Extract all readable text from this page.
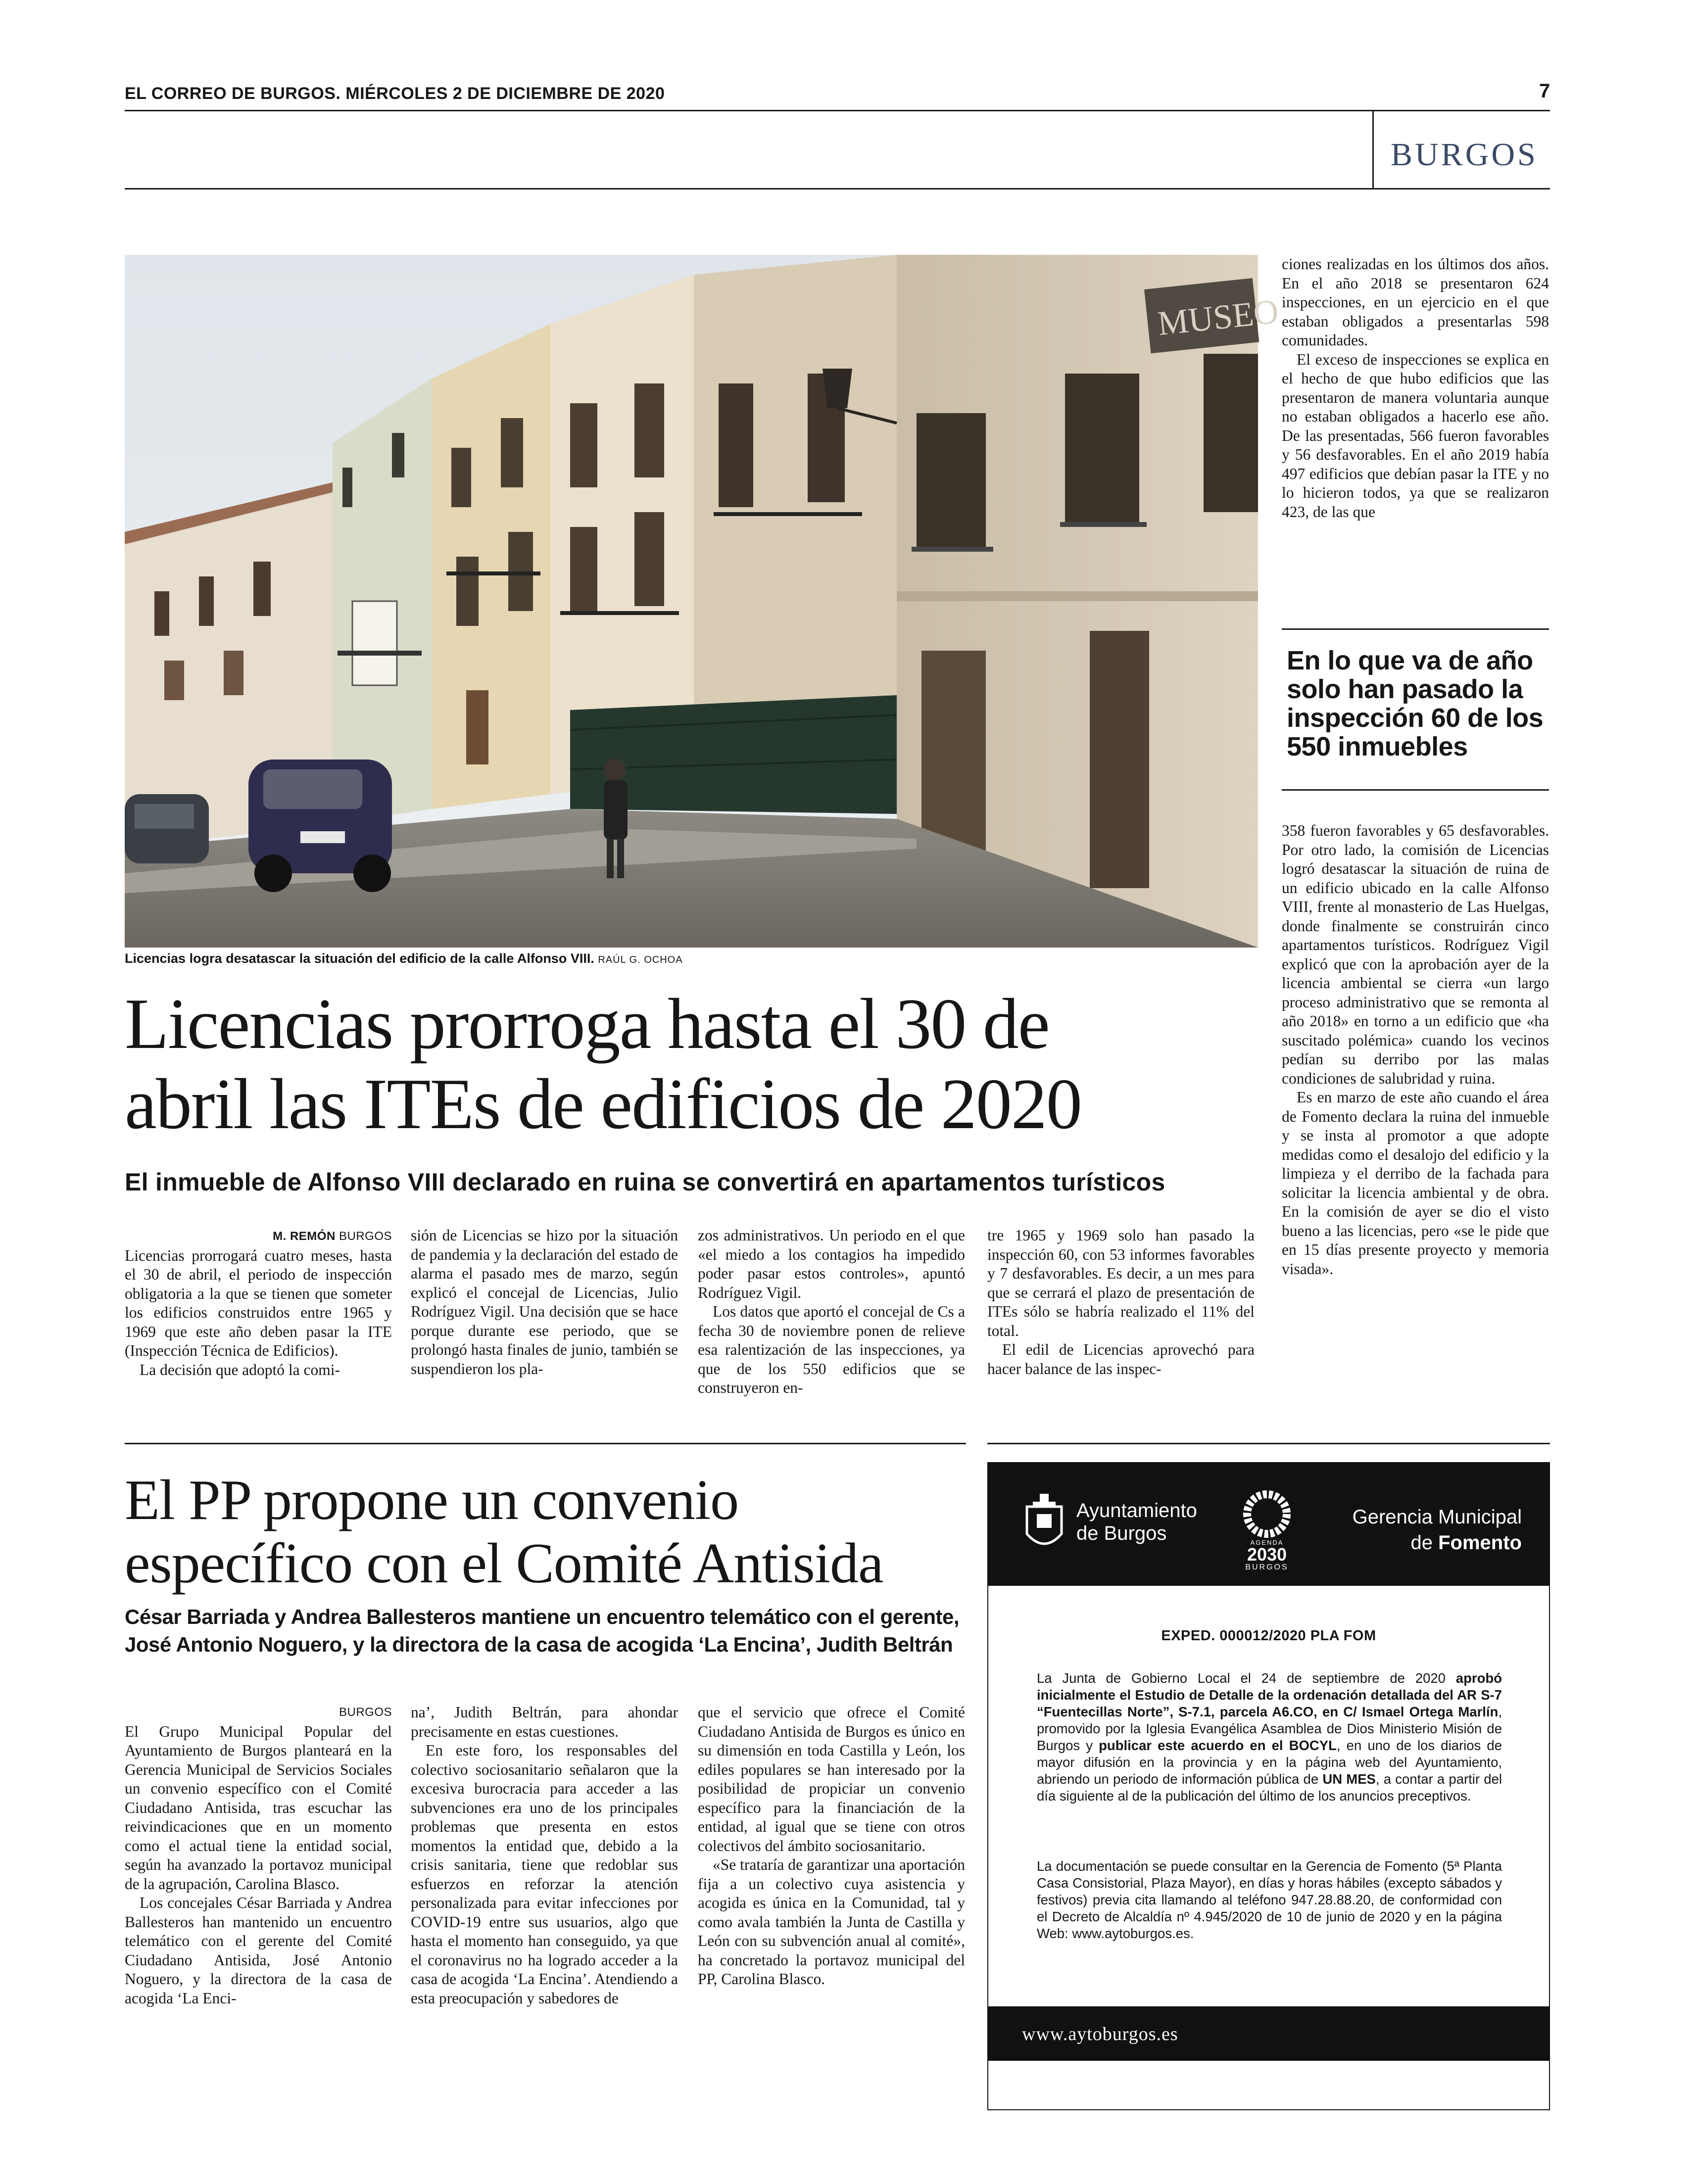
EL CORREO DE BURGOS. MIÉRCOLES 2 DE DICIEMBRE DE 2020	7
BURGOS
MUSEO
Licencias logra desatascar la situación del edificio de la calle Alfonso VIII. RAÚL G. OCHOA
Licencias prorroga hasta el 30 de
abril las ITEs de edificios de 2020
El inmueble de Alfonso VIII declarado en ruina se convertirá en apartamentos turísticos
M. REMÓN BURGOS

Licencias prorrogará cuatro meses, hasta el 30 de abril, el periodo de inspección obligatoria a la que se tienen que someter los edificios construidos entre 1965 y 1969 que este año deben pasar la ITE (Inspección Técnica de Edificios).

La decisión que adoptó la comi-

sión de Licencias se hizo por la situación de pandemia y la declaración del estado de alarma el pasado mes de marzo, según explicó el concejal de Licencias, Julio Rodríguez Vigil. Una decisión que se hace porque durante ese periodo, que se prolongó hasta finales de junio, también se suspendieron los pla-

zos administrativos. Un periodo en el que «el miedo a los contagios ha impedido poder pasar estos controles», apuntó Rodríguez Vigil.

Los datos que aportó el concejal de Cs a fecha 30 de noviembre ponen de relieve esa ralentización de las inspecciones, ya que de los 550 edificios que se construyeron en-

tre 1965 y 1969 solo han pasado la inspección 60, con 53 informes favorables y 7 desfavorables. Es decir, a un mes para que se cerrará el plazo de presentación de ITEs sólo se habría realizado el 11% del total.

El edil de Licencias aprovechó para hacer balance de las inspec-

ciones realizadas en los últimos dos años. En el año 2018 se presentaron 624 inspecciones, en un ejercicio en el que estaban obligados a presentarlas 598 comunidades.

El exceso de inspecciones se explica en el hecho de que hubo edificios que las presentaron de manera voluntaria aunque no estaban obligados a hacerlo ese año. De las presentadas, 566 fueron favorables y 56 desfavorables. En el año 2019 había 497 edificios que debían pasar la ITE y no lo hicieron todos, ya que se realizaron 423, de las que

En lo que va de año solo han pasado la inspección 60 de los 550 inmuebles

358 fueron favorables y 65 desfavorables. Por otro lado, la comisión de Licencias logró desatascar la situación de ruina de un edificio ubicado en la calle Alfonso VIII, frente al monasterio de Las Huelgas, donde finalmente se construirán cinco apartamentos turísticos. Rodríguez Vigil explicó que con la aprobación ayer de la licencia ambiental se cierra «un largo proceso administrativo que se remonta al año 2018» en torno a un edificio que «ha suscitado polémica» cuando los vecinos pedían su derribo por las malas condiciones de salubridad y ruina.

Es en marzo de este año cuando el área de Fomento declara la ruina del inmueble y se insta al promotor a que adopte medidas como el desalojo del edificio y la limpieza y el derribo de la fachada para solicitar la licencia ambiental y de obra. En la comisión de ayer se dio el visto bueno a las licencias, pero «se le pide que en 15 días presente proyecto y memoria visada».

El PP propone un convenio
específico con el Comité Antisida
César Barriada y Andrea Ballesteros mantiene un encuentro telemático con el gerente,
José Antonio Noguero, y la directora de la casa de acogida ‘La Encina’, Judith Beltrán
BURGOS

El Grupo Municipal Popular del Ayuntamiento de Burgos planteará en la Gerencia Municipal de Servicios Sociales un convenio específico con el Comité Ciudadano Antisida, tras escuchar las reivindicaciones que en un momento como el actual tiene la entidad social, según ha avanzado la portavoz municipal de la agrupación, Carolina Blasco.

Los concejales César Barriada y Andrea Ballesteros han mantenido un encuentro telemático con el gerente del Comité Ciudadano Antisida, José Antonio Noguero, y la directora de la casa de acogida ‘La Enci-

na’, Judith Beltrán, para ahondar precisamente en estas cuestiones.

En este foro, los responsables del colectivo sociosanitario señalaron que la excesiva burocracia para acceder a las subvenciones era uno de los principales problemas que presenta en estos momentos la entidad que, debido a la crisis sanitaria, tiene que redoblar sus esfuerzos en reforzar la atención personalizada para evitar infecciones por COVID-19 entre sus usuarios, algo que hasta el momento han conseguido, ya que el coronavirus no ha logrado acceder a la casa de acogida ‘La Encina’. Atendiendo a esta preocupación y sabedores de

que el servicio que ofrece el Comité Ciudadano Antisida de Burgos es único en su dimensión en toda Castilla y León, los ediles populares se han interesado por la posibilidad de propiciar un convenio específico para la financiación de la entidad, al igual que se tiene con otros colectivos del ámbito sociosanitario.

«Se trataría de garantizar una aportación fija a un colectivo cuya asistencia y acogida es única en la Comunidad, tal y como avala también la Junta de Castilla y León con su subvención anual al comité», ha concretado la portavoz municipal del PP, Carolina Blasco.

Ayuntamiento
de Burgos	AGENDA
2030
BURGOS
Gerencia Municipal
de Fomento
EXPED. 000012/2020 PLA FOM
La Junta de Gobierno Local el 24 de septiembre de 2020 aprobó inicialmente el Estudio de Detalle de la ordenación detallada del AR S-7 “Fuentecillas Norte”, S-7.1, parcela A6.CO, en C/ Ismael Ortega Marlín, promovido por la Iglesia Evangélica Asamblea de Dios Ministerio Misión de Burgos y publicar este acuerdo en el BOCYL, en uno de los diarios de mayor difusión en la provincia y en la página web del Ayuntamiento, abriendo un periodo de información pública de UN MES, a contar a partir del día siguiente al de la publicación del último de los anuncios preceptivos.
La documentación se puede consultar en la Gerencia de Fomento (5ª Planta Casa Consistorial, Plaza Mayor), en días y horas hábiles (excepto sábados y festivos) previa cita llamando al teléfono 947.28.88.20, de conformidad con el Decreto de Alcaldía nº 4.945/2020 de 10 de junio de 2020 y en la página Web: www.aytoburgos.es.
www.aytoburgos.es
